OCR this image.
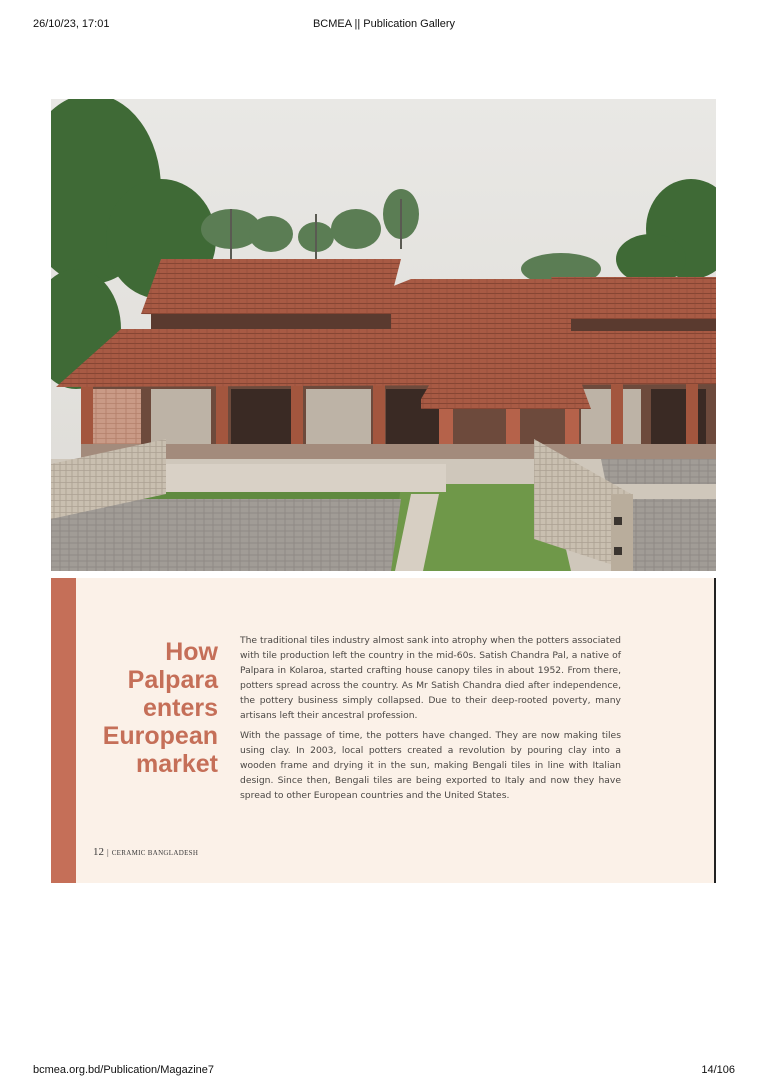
26/10/23, 17:01	BCMEA || Publication Gallery
How
Palpara
enters
European
market

The traditional tiles industry almost sank into atrophy when the potters associated with tile production left the country in the mid-60s. Satish Chandra Pal, a native of Palpara in Kolaroa, started crafting house canopy tiles in about 1952. From there, potters spread across the country. As Mr Satish Chandra died after independence, the pottery business simply collapsed. Due to their deep-rooted poverty, many artisans left their ancestral profession.

With the passage of time, the potters have changed. They are now making tiles using clay. In 2003, local potters created a revolution by pouring clay into a wooden frame and drying it in the sun, making Bengali tiles in line with Italian design. Since then, Bengali tiles are being exported to Italy and now they have spread to other European countries and the United States.

12 | CERAMIC BANGLADESH
bcmea.org.bd/Publication/Magazine7	14/106
